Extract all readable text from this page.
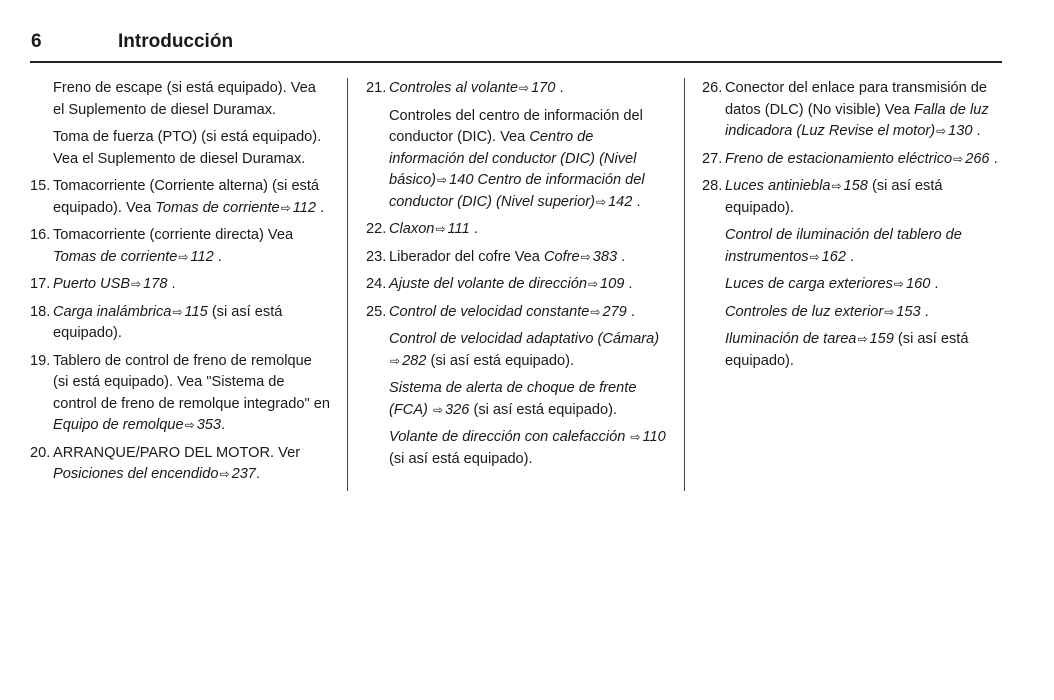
6	Introducción
Freno de escape (si está equipado). Vea el Suplemento de diesel Duramax.
Toma de fuerza (PTO) (si está equipado). Vea el Suplemento de diesel Duramax.
15. Tomacorriente (Corriente alterna) (si está equipado). Vea Tomas de corriente⇨ 112 .
16. Tomacorriente (corriente directa) Vea Tomas de corriente⇨ 112 .
17. Puerto USB⇨ 178 .
18. Carga inalámbrica⇨ 115 (si así está equipado).
19. Tablero de control de freno de remolque (si está equipado). Vea "Sistema de control de freno de remolque integrado" en Equipo de remolque⇨ 353.
20. ARRANQUE/PARO DEL MOTOR. Ver Posiciones del encendido⇨ 237.
21. Controles al volante⇨ 170 .
Controles del centro de información del conductor (DIC). Vea Centro de información del conductor (DIC) (Nivel básico)⇨ 140 Centro de información del conductor (DIC) (Nivel superior)⇨ 142 .
22. Claxon⇨ 111 .
23. Liberador del cofre Vea Cofre⇨ 383 .
24. Ajuste del volante de dirección⇨ 109 .
25. Control de velocidad constante⇨ 279 .
Control de velocidad adaptativo (Cámara) ⇨ 282 (si así está equipado).
Sistema de alerta de choque de frente (FCA) ⇨ 326 (si así está equipado).
Volante de dirección con calefacción ⇨ 110 (si así está equipado).
26. Conector del enlace para transmisión de datos (DLC) (No visible) Vea Falla de luz indicadora (Luz Revise el motor)⇨ 130 .
27. Freno de estacionamiento eléctrico⇨ 266 .
28. Luces antiniebla⇨ 158 (si así está equipado).
Control de iluminación del tablero de instrumentos⇨ 162 .
Luces de carga exteriores⇨ 160 .
Controles de luz exterior⇨ 153 .
Iluminación de tarea⇨ 159 (si así está equipado).
